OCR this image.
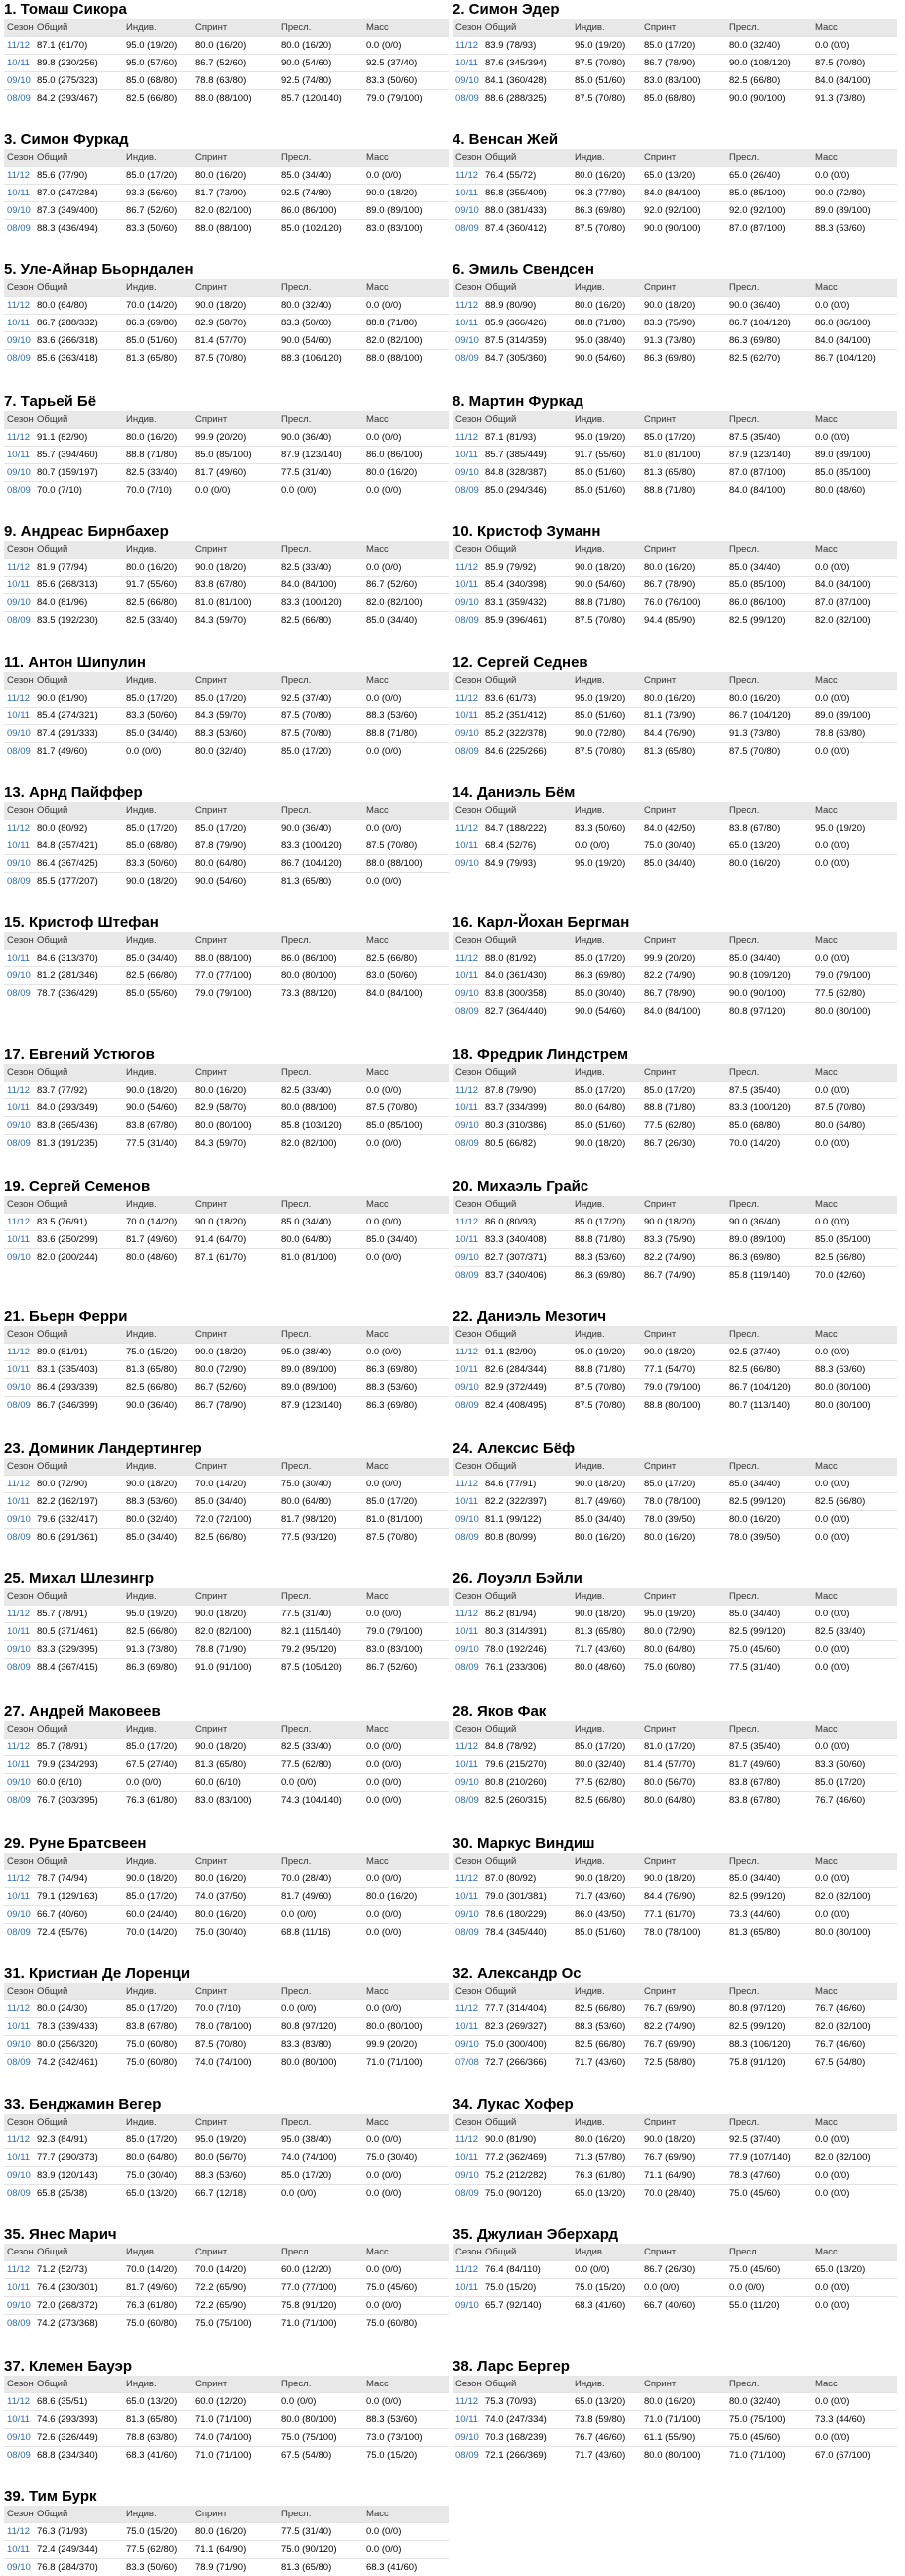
1. Томаш Сикора
Сезон	Общий	Индив.	Спринт	Пресл.	Масс
11/12	87.1 (61/70)	95.0 (19/20)	80.0 (16/20)	80.0 (16/20)	0.0 (0/0)
10/11	89.8 (230/256)	95.0 (57/60)	86.7 (52/60)	90.0 (54/60)	92.5 (37/40)
09/10	85.0 (275/323)	85.0 (68/80)	78.8 (63/80)	92.5 (74/80)	83.3 (50/60)
08/09	84.2 (393/467)	82.5 (66/80)	88.0 (88/100)	85.7 (120/140)	79.0 (79/100)
2. Симон Эдер
Сезон	Общий	Индив.	Спринт	Пресл.	Масс
11/12	83.9 (78/93)	95.0 (19/20)	85.0 (17/20)	80.0 (32/40)	0.0 (0/0)
10/11	87.6 (345/394)	87.5 (70/80)	86.7 (78/90)	90.0 (108/120)	87.5 (70/80)
09/10	84.1 (360/428)	85.0 (51/60)	83.0 (83/100)	82.5 (66/80)	84.0 (84/100)
08/09	88.6 (288/325)	87.5 (70/80)	85.0 (68/80)	90.0 (90/100)	91.3 (73/80)
3. Симон Фуркад
Сезон	Общий	Индив.	Спринт	Пресл.	Масс
11/12	85.6 (77/90)	85.0 (17/20)	80.0 (16/20)	85.0 (34/40)	0.0 (0/0)
10/11	87.0 (247/284)	93.3 (56/60)	81.7 (73/90)	92.5 (74/80)	90.0 (18/20)
09/10	87.3 (349/400)	86.7 (52/60)	82.0 (82/100)	86.0 (86/100)	89.0 (89/100)
08/09	88.3 (436/494)	83.3 (50/60)	88.0 (88/100)	85.0 (102/120)	83.0 (83/100)
4. Венсан Жей
Сезон	Общий	Индив.	Спринт	Пресл.	Масс
11/12	76.4 (55/72)	80.0 (16/20)	65.0 (13/20)	65.0 (26/40)	0.0 (0/0)
10/11	86.8 (355/409)	96.3 (77/80)	84.0 (84/100)	85.0 (85/100)	90.0 (72/80)
09/10	88.0 (381/433)	86.3 (69/80)	92.0 (92/100)	92.0 (92/100)	89.0 (89/100)
08/09	87.4 (360/412)	87.5 (70/80)	90.0 (90/100)	87.0 (87/100)	88.3 (53/60)
5. Уле-Айнар Бьорндален
Сезон	Общий	Индив.	Спринт	Пресл.	Масс
11/12	80.0 (64/80)	70.0 (14/20)	90.0 (18/20)	80.0 (32/40)	0.0 (0/0)
10/11	86.7 (288/332)	86.3 (69/80)	82.9 (58/70)	83.3 (50/60)	88.8 (71/80)
09/10	83.6 (266/318)	85.0 (51/60)	81.4 (57/70)	90.0 (54/60)	82.0 (82/100)
08/09	85.6 (363/418)	81.3 (65/80)	87.5 (70/80)	88.3 (106/120)	88.0 (88/100)
6. Эмиль Свендсен
Сезон	Общий	Индив.	Спринт	Пресл.	Масс
11/12	88.9 (80/90)	80.0 (16/20)	90.0 (18/20)	90.0 (36/40)	0.0 (0/0)
10/11	85.9 (366/426)	88.8 (71/80)	83.3 (75/90)	86.7 (104/120)	86.0 (86/100)
09/10	87.5 (314/359)	95.0 (38/40)	91.3 (73/80)	86.3 (69/80)	84.0 (84/100)
08/09	84.7 (305/360)	90.0 (54/60)	86.3 (69/80)	82.5 (62/70)	86.7 (104/120)
7. Тарьей Бё
Сезон	Общий	Индив.	Спринт	Пресл.	Масс
11/12	91.1 (82/90)	80.0 (16/20)	99.9 (20/20)	90.0 (36/40)	0.0 (0/0)
10/11	85.7 (394/460)	88.8 (71/80)	85.0 (85/100)	87.9 (123/140)	86.0 (86/100)
09/10	80.7 (159/197)	82.5 (33/40)	81.7 (49/60)	77.5 (31/40)	80.0 (16/20)
08/09	70.0 (7/10)	70.0 (7/10)	0.0 (0/0)	0.0 (0/0)	0.0 (0/0)
8. Мартин Фуркад
Сезон	Общий	Индив.	Спринт	Пресл.	Масс
11/12	87.1 (81/93)	95.0 (19/20)	85.0 (17/20)	87.5 (35/40)	0.0 (0/0)
10/11	85.7 (385/449)	91.7 (55/60)	81.0 (81/100)	87.9 (123/140)	89.0 (89/100)
09/10	84.8 (328/387)	85.0 (51/60)	81.3 (65/80)	87.0 (87/100)	85.0 (85/100)
08/09	85.0 (294/346)	85.0 (51/60)	88.8 (71/80)	84.0 (84/100)	80.0 (48/60)
9. Андреас Бирнбахер
Сезон	Общий	Индив.	Спринт	Пресл.	Масс
11/12	81.9 (77/94)	80.0 (16/20)	90.0 (18/20)	82.5 (33/40)	0.0 (0/0)
10/11	85.6 (268/313)	91.7 (55/60)	83.8 (67/80)	84.0 (84/100)	86.7 (52/60)
09/10	84.0 (81/96)	82.5 (66/80)	81.0 (81/100)	83.3 (100/120)	82.0 (82/100)
08/09	83.5 (192/230)	82.5 (33/40)	84.3 (59/70)	82.5 (66/80)	85.0 (34/40)
10. Кристоф Зуманн
Сезон	Общий	Индив.	Спринт	Пресл.	Масс
11/12	85.9 (79/92)	90.0 (18/20)	80.0 (16/20)	85.0 (34/40)	0.0 (0/0)
10/11	85.4 (340/398)	90.0 (54/60)	86.7 (78/90)	85.0 (85/100)	84.0 (84/100)
09/10	83.1 (359/432)	88.8 (71/80)	76.0 (76/100)	86.0 (86/100)	87.0 (87/100)
08/09	85.9 (396/461)	87.5 (70/80)	94.4 (85/90)	82.5 (99/120)	82.0 (82/100)
11. Антон Шипулин
Сезон	Общий	Индив.	Спринт	Пресл.	Масс
11/12	90.0 (81/90)	85.0 (17/20)	85.0 (17/20)	92.5 (37/40)	0.0 (0/0)
10/11	85.4 (274/321)	83.3 (50/60)	84.3 (59/70)	87.5 (70/80)	88.3 (53/60)
09/10	87.4 (291/333)	85.0 (34/40)	88.3 (53/60)	87.5 (70/80)	88.8 (71/80)
08/09	81.7 (49/60)	0.0 (0/0)	80.0 (32/40)	85.0 (17/20)	0.0 (0/0)
12. Сергей Седнев
Сезон	Общий	Индив.	Спринт	Пресл.	Масс
11/12	83.6 (61/73)	95.0 (19/20)	80.0 (16/20)	80.0 (16/20)	0.0 (0/0)
10/11	85.2 (351/412)	85.0 (51/60)	81.1 (73/90)	86.7 (104/120)	89.0 (89/100)
09/10	85.2 (322/378)	90.0 (72/80)	84.4 (76/90)	91.3 (73/80)	78.8 (63/80)
08/09	84.6 (225/266)	87.5 (70/80)	81.3 (65/80)	87.5 (70/80)	0.0 (0/0)
13. Арнд Пайффер
Сезон	Общий	Индив.	Спринт	Пресл.	Масс
11/12	80.0 (80/92)	85.0 (17/20)	85.0 (17/20)	90.0 (36/40)	0.0 (0/0)
10/11	84.8 (357/421)	85.0 (68/80)	87.8 (79/90)	83.3 (100/120)	87.5 (70/80)
09/10	86.4 (367/425)	83.3 (50/60)	80.0 (64/80)	86.7 (104/120)	88.0 (88/100)
08/09	85.5 (177/207)	90.0 (18/20)	90.0 (54/60)	81.3 (65/80)	0.0 (0/0)
14. Даниэль Бём
Сезон	Общий	Индив.	Спринт	Пресл.	Масс
11/12	84.7 (188/222)	83.3 (50/60)	84.0 (42/50)	83.8 (67/80)	95.0 (19/20)
10/11	68.4 (52/76)	0.0 (0/0)	75.0 (30/40)	65.0 (13/20)	0.0 (0/0)
09/10	84.9 (79/93)	95.0 (19/20)	85.0 (34/40)	80.0 (16/20)	0.0 (0/0)
15. Кристоф Штефан
Сезон	Общий	Индив.	Спринт	Пресл.	Масс
10/11	84.6 (313/370)	85.0 (34/40)	88.0 (88/100)	86.0 (86/100)	82.5 (66/80)
09/10	81.2 (281/346)	82.5 (66/80)	77.0 (77/100)	80.0 (80/100)	83.0 (50/60)
08/09	78.7 (336/429)	85.0 (55/60)	79.0 (79/100)	73.3 (88/120)	84.0 (84/100)
16. Карл-Йохан Бергман
Сезон	Общий	Индив.	Спринт	Пресл.	Масс
11/12	88.0 (81/92)	85.0 (17/20)	99.9 (20/20)	85.0 (34/40)	0.0 (0/0)
10/11	84.0 (361/430)	86.3 (69/80)	82.2 (74/90)	90.8 (109/120)	79.0 (79/100)
09/10	83.8 (300/358)	85.0 (30/40)	86.7 (78/90)	90.0 (90/100)	77.5 (62/80)
08/09	82.7 (364/440)	90.0 (54/60)	84.0 (84/100)	80.8 (97/120)	80.0 (80/100)
17. Евгений Устюгов
Сезон	Общий	Индив.	Спринт	Пресл.	Масс
11/12	83.7 (77/92)	90.0 (18/20)	80.0 (16/20)	82.5 (33/40)	0.0 (0/0)
10/11	84.0 (293/349)	90.0 (54/60)	82.9 (58/70)	80.0 (88/100)	87.5 (70/80)
09/10	83.8 (365/436)	83.8 (67/80)	80.0 (80/100)	85.8 (103/120)	85.0 (85/100)
08/09	81.3 (191/235)	77.5 (31/40)	84.3 (59/70)	82.0 (82/100)	0.0 (0/0)
18. Фредрик Линдстрем
Сезон	Общий	Индив.	Спринт	Пресл.	Масс
11/12	87.8 (79/90)	85.0 (17/20)	85.0 (17/20)	87.5 (35/40)	0.0 (0/0)
10/11	83.7 (334/399)	80.0 (64/80)	88.8 (71/80)	83.3 (100/120)	87.5 (70/80)
09/10	80.3 (310/386)	85.0 (51/60)	77.5 (62/80)	85.0 (68/80)	80.0 (64/80)
08/09	80.5 (66/82)	90.0 (18/20)	86.7 (26/30)	70.0 (14/20)	0.0 (0/0)
19. Сергей Семенов
Сезон	Общий	Индив.	Спринт	Пресл.	Масс
11/12	83.5 (76/91)	70.0 (14/20)	90.0 (18/20)	85.0 (34/40)	0.0 (0/0)
10/11	83.6 (250/299)	81.7 (49/60)	91.4 (64/70)	80.0 (64/80)	85.0 (34/40)
09/10	82.0 (200/244)	80.0 (48/60)	87.1 (61/70)	81.0 (81/100)	0.0 (0/0)
20. Михаэль Грайс
Сезон	Общий	Индив.	Спринт	Пресл.	Масс
11/12	86.0 (80/93)	85.0 (17/20)	90.0 (18/20)	90.0 (36/40)	0.0 (0/0)
10/11	83.3 (340/408)	88.8 (71/80)	83.3 (75/90)	89.0 (89/100)	85.0 (85/100)
09/10	82.7 (307/371)	88.3 (53/60)	82.2 (74/90)	86.3 (69/80)	82.5 (66/80)
08/09	83.7 (340/406)	86.3 (69/80)	86.7 (74/90)	85.8 (119/140)	70.0 (42/60)
21. Бьерн Ферри
Сезон	Общий	Индив.	Спринт	Пресл.	Масс
11/12	89.0 (81/91)	75.0 (15/20)	90.0 (18/20)	95.0 (38/40)	0.0 (0/0)
10/11	83.1 (335/403)	81.3 (65/80)	80.0 (72/90)	89.0 (89/100)	86.3 (69/80)
09/10	86.4 (293/339)	82.5 (66/80)	86.7 (52/60)	89.0 (89/100)	88.3 (53/60)
08/09	86.7 (346/399)	90.0 (36/40)	86.7 (78/90)	87.9 (123/140)	86.3 (69/80)
22. Даниэль Мезотич
Сезон	Общий	Индив.	Спринт	Пресл.	Масс
11/12	91.1 (82/90)	95.0 (19/20)	90.0 (18/20)	92.5 (37/40)	0.0 (0/0)
10/11	82.6 (284/344)	88.8 (71/80)	77.1 (54/70)	82.5 (66/80)	88.3 (53/60)
09/10	82.9 (372/449)	87.5 (70/80)	79.0 (79/100)	86.7 (104/120)	80.0 (80/100)
08/09	82.4 (408/495)	87.5 (70/80)	88.8 (80/100)	80.7 (113/140)	80.0 (80/100)
23. Доминик Ландертингер
Сезон	Общий	Индив.	Спринт	Пресл.	Масс
11/12	80.0 (72/90)	90.0 (18/20)	70.0 (14/20)	75.0 (30/40)	0.0 (0/0)
10/11	82.2 (162/197)	88.3 (53/60)	85.0 (34/40)	80.0 (64/80)	85.0 (17/20)
09/10	79.6 (332/417)	80.0 (32/40)	72.0 (72/100)	81.7 (98/120)	81.0 (81/100)
08/09	80.6 (291/361)	85.0 (34/40)	82.5 (66/80)	77.5 (93/120)	87.5 (70/80)
24. Алексис Бёф
Сезон	Общий	Индив.	Спринт	Пресл.	Масс
11/12	84.6 (77/91)	90.0 (18/20)	85.0 (17/20)	85.0 (34/40)	0.0 (0/0)
10/11	82.2 (322/397)	81.7 (49/60)	78.0 (78/100)	82.5 (99/120)	82.5 (66/80)
09/10	81.1 (99/122)	85.0 (34/40)	78.0 (39/50)	80.0 (16/20)	0.0 (0/0)
08/09	80.8 (80/99)	80.0 (16/20)	80.0 (16/20)	78.0 (39/50)	0.0 (0/0)
25. Михал Шлезингр
Сезон	Общий	Индив.	Спринт	Пресл.	Масс
11/12	85.7 (78/91)	95.0 (19/20)	90.0 (18/20)	77.5 (31/40)	0.0 (0/0)
10/11	80.5 (371/461)	82.5 (66/80)	82.0 (82/100)	82.1 (115/140)	79.0 (79/100)
09/10	83.3 (329/395)	91.3 (73/80)	78.8 (71/90)	79.2 (95/120)	83.0 (83/100)
08/09	88.4 (367/415)	86.3 (69/80)	91.0 (91/100)	87.5 (105/120)	86.7 (52/60)
26. Лоуэлл Бэйли
Сезон	Общий	Индив.	Спринт	Пресл.	Масс
11/12	86.2 (81/94)	90.0 (18/20)	95.0 (19/20)	85.0 (34/40)	0.0 (0/0)
10/11	80.3 (314/391)	81.3 (65/80)	80.0 (72/90)	82.5 (99/120)	82.5 (33/40)
09/10	78.0 (192/246)	71.7 (43/60)	80.0 (64/80)	75.0 (45/60)	0.0 (0/0)
08/09	76.1 (233/306)	80.0 (48/60)	75.0 (60/80)	77.5 (31/40)	0.0 (0/0)
27. Андрей Маковеев
Сезон	Общий	Индив.	Спринт	Пресл.	Масс
11/12	85.7 (78/91)	85.0 (17/20)	90.0 (18/20)	82.5 (33/40)	0.0 (0/0)
10/11	79.9 (234/293)	67.5 (27/40)	81.3 (65/80)	77.5 (62/80)	0.0 (0/0)
09/10	60.0 (6/10)	0.0 (0/0)	60.0 (6/10)	0.0 (0/0)	0.0 (0/0)
08/09	76.7 (303/395)	76.3 (61/80)	83.0 (83/100)	74.3 (104/140)	0.0 (0/0)
28. Яков Фак
Сезон	Общий	Индив.	Спринт	Пресл.	Масс
11/12	84.8 (78/92)	85.0 (17/20)	81.0 (17/20)	87.5 (35/40)	0.0 (0/0)
10/11	79.6 (215/270)	80.0 (32/40)	81.4 (57/70)	81.7 (49/60)	83.3 (50/60)
09/10	80.8 (210/260)	77.5 (62/80)	80.0 (56/70)	83.8 (67/80)	85.0 (17/20)
08/09	82.5 (260/315)	82.5 (66/80)	80.0 (64/80)	83.8 (67/80)	76.7 (46/60)
29. Руне Братсвеен
Сезон	Общий	Индив.	Спринт	Пресл.	Масс
11/12	78.7 (74/94)	90.0 (18/20)	80.0 (16/20)	70.0 (28/40)	0.0 (0/0)
10/11	79.1 (129/163)	85.0 (17/20)	74.0 (37/50)	81.7 (49/60)	80.0 (16/20)
09/10	66.7 (40/60)	60.0 (24/40)	80.0 (16/20)	0.0 (0/0)	0.0 (0/0)
08/09	72.4 (55/76)	70.0 (14/20)	75.0 (30/40)	68.8 (11/16)	0.0 (0/0)
30. Маркус Виндиш
Сезон	Общий	Индив.	Спринт	Пресл.	Масс
11/12	87.0 (80/92)	90.0 (18/20)	90.0 (18/20)	85.0 (34/40)	0.0 (0/0)
10/11	79.0 (301/381)	71.7 (43/60)	84.4 (76/90)	82.5 (99/120)	82.0 (82/100)
09/10	78.6 (180/229)	86.0 (43/50)	77.1 (61/70)	73.3 (44/60)	0.0 (0/0)
08/09	78.4 (345/440)	85.0 (51/60)	78.0 (78/100)	81.3 (65/80)	80.0 (80/100)
31. Кристиан Де Лоренци
Сезон	Общий	Индив.	Спринт	Пресл.	Масс
11/12	80.0 (24/30)	85.0 (17/20)	70.0 (7/10)	0.0 (0/0)	0.0 (0/0)
10/11	78.3 (339/433)	83.8 (67/80)	78.0 (78/100)	80.8 (97/120)	80.0 (80/100)
09/10	80.0 (256/320)	75.0 (60/80)	87.5 (70/80)	83.3 (83/80)	99.9 (20/20)
08/09	74.2 (342/461)	75.0 (60/80)	74.0 (74/100)	80.0 (80/100)	71.0 (71/100)
32. Александр Ос
Сезон	Общий	Индив.	Спринт	Пресл.	Масс
11/12	77.7 (314/404)	82.5 (66/80)	76.7 (69/90)	80.8 (97/120)	76.7 (46/60)
10/11	82.3 (269/327)	88.3 (53/60)	82.2 (74/90)	82.5 (99/120)	82.0 (82/100)
09/10	75.0 (300/400)	82.5 (66/80)	76.7 (69/90)	88.3 (106/120)	76.7 (46/60)
07/08	72.7 (266/366)	71.7 (43/60)	72.5 (58/80)	75.8 (91/120)	67.5 (54/80)
33. Бенджамин Вегер
Сезон	Общий	Индив.	Спринт	Пресл.	Масс
11/12	92.3 (84/91)	85.0 (17/20)	95.0 (19/20)	95.0 (38/40)	0.0 (0/0)
10/11	77.7 (290/373)	80.0 (64/80)	80.0 (56/70)	74.0 (74/100)	75.0 (30/40)
09/10	83.9 (120/143)	75.0 (30/40)	88.3 (53/60)	85.0 (17/20)	0.0 (0/0)
08/09	65.8 (25/38)	65.0 (13/20)	66.7 (12/18)	0.0 (0/0)	0.0 (0/0)
34. Лукас Хофер
Сезон	Общий	Индив.	Спринт	Пресл.	Масс
11/12	90.0 (81/90)	80.0 (16/20)	90.0 (18/20)	92.5 (37/40)	0.0 (0/0)
10/11	77.2 (362/469)	71.3 (57/80)	76.7 (69/90)	77.9 (107/140)	82.0 (82/100)
09/10	75.2 (212/282)	76.3 (61/80)	71.1 (64/90)	78.3 (47/60)	0.0 (0/0)
08/09	75.0 (90/120)	65.0 (13/20)	70.0 (28/40)	75.0 (45/60)	0.0 (0/0)
35. Янес Марич
Сезон	Общий	Индив.	Спринт	Пресл.	Масс
11/12	71.2 (52/73)	70.0 (14/20)	70.0 (14/20)	60.0 (12/20)	0.0 (0/0)
10/11	76.4 (230/301)	81.7 (49/60)	72.2 (65/90)	77.0 (77/100)	75.0 (45/60)
09/10	72.0 (268/372)	76.3 (61/80)	72.2 (65/90)	75.8 (91/120)	0.0 (0/0)
08/09	74.2 (273/368)	75.0 (60/80)	75.0 (75/100)	71.0 (71/100)	75.0 (60/80)
35. Джулиан Эберхард
Сезон	Общий	Индив.	Спринт	Пресл.	Масс
11/12	76.4 (84/110)	0.0 (0/0)	86.7 (26/30)	75.0 (45/60)	65.0 (13/20)
10/11	75.0 (15/20)	75.0 (15/20)	0.0 (0/0)	0.0 (0/0)	0.0 (0/0)
09/10	65.7 (92/140)	68.3 (41/60)	66.7 (40/60)	55.0 (11/20)	0.0 (0/0)
37. Клемен Бауэр
Сезон	Общий	Индив.	Спринт	Пресл.	Масс
11/12	68.6 (35/51)	65.0 (13/20)	60.0 (12/20)	0.0 (0/0)	0.0 (0/0)
10/11	74.6 (293/393)	81.3 (65/80)	71.0 (71/100)	80.0 (80/100)	88.3 (53/60)
09/10	72.6 (326/449)	78.8 (63/80)	74.0 (74/100)	75.0 (75/100)	73.0 (73/100)
08/09	68.8 (234/340)	68.3 (41/60)	71.0 (71/100)	67.5 (54/80)	75.0 (15/20)
38. Ларс Бергер
Сезон	Общий	Индив.	Спринт	Пресл.	Масс
11/12	75.3 (70/93)	65.0 (13/20)	80.0 (16/20)	80.0 (32/40)	0.0 (0/0)
10/11	74.0 (247/334)	73.8 (59/80)	71.0 (71/100)	75.0 (75/100)	73.3 (44/60)
09/10	70.3 (168/239)	76.7 (46/60)	61.1 (55/90)	75.0 (45/60)	0.0 (0/0)
08/09	72.1 (266/369)	71.7 (43/60)	80.0 (80/100)	71.0 (71/100)	67.0 (67/100)
39. Тим Бурк
Сезон	Общий	Индив.	Спринт	Пресл.	Масс
11/12	76.3 (71/93)	75.0 (15/20)	80.0 (16/20)	77.5 (31/40)	0.0 (0/0)
10/11	72.4 (249/344)	77.5 (62/80)	71.1 (64/90)	75.0 (90/120)	0.0 (0/0)
09/10	76.8 (284/370)	83.3 (50/60)	78.9 (71/90)	81.3 (65/80)	68.3 (41/60)
